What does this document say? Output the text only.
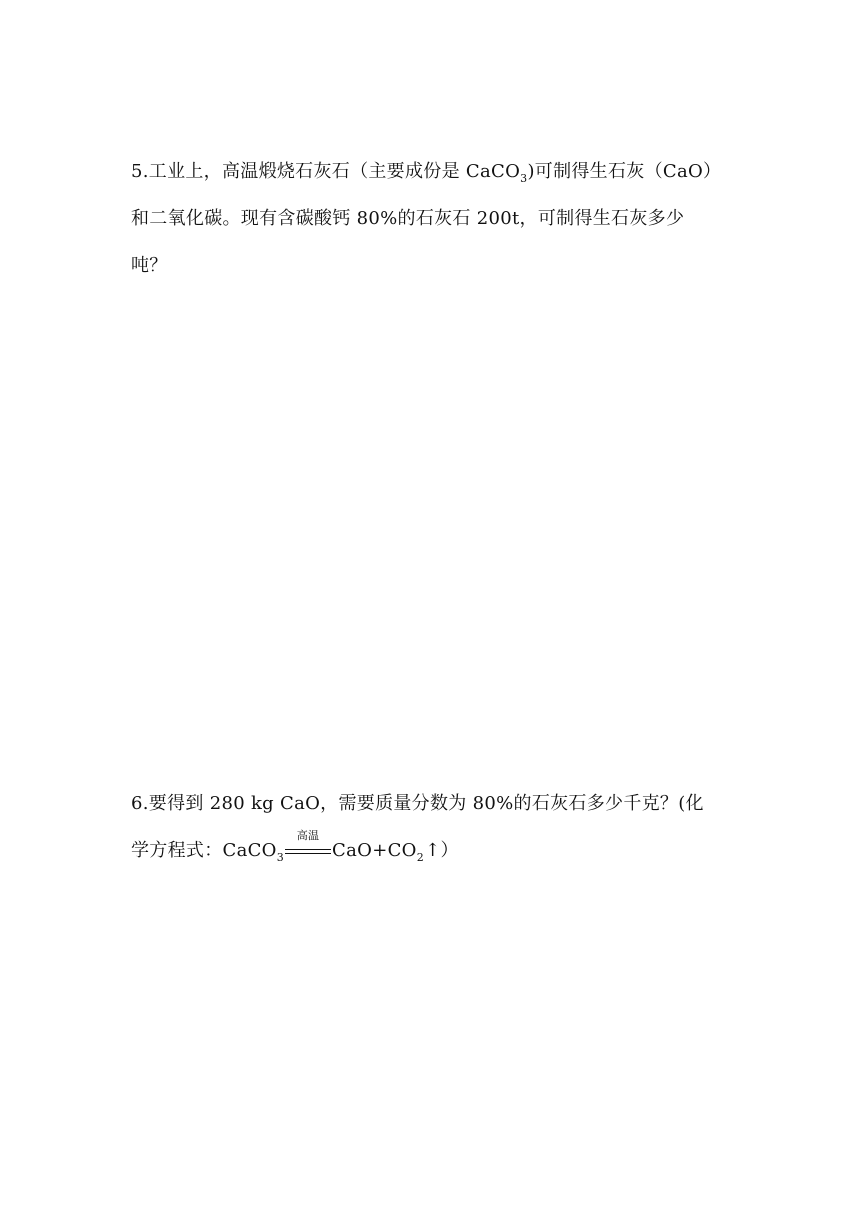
5.工业上，高温煅烧石灰石（主要成份是 CaCO$_3$)可制得生石灰（CaO）
和二氧化碳。现有含碳酸钙 80%的石灰石 200t，可制得生石灰多少
吨？
6.要得到 280 kg CaO，需要质量分数为 80%的石灰石多少千克？(化
学方程式：CaCO$_3$
高温
$CaO+CO_2↑$）
